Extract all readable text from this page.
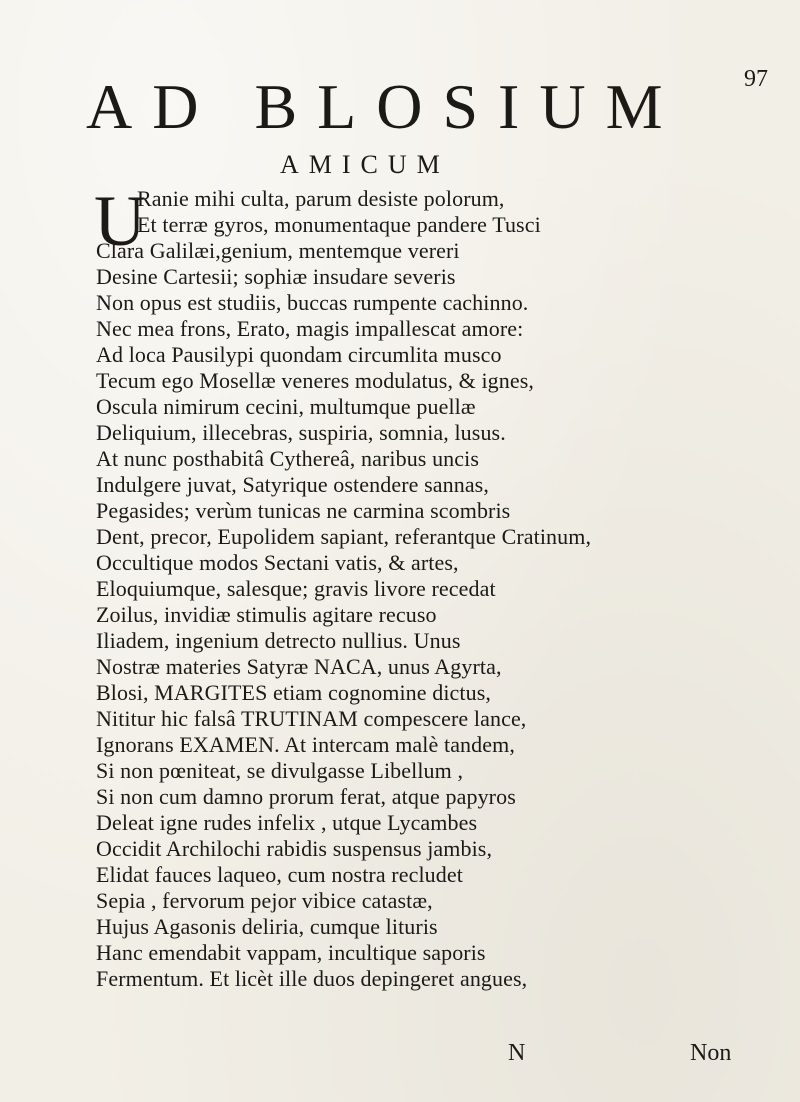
97
AD BLOSIUM
AMICUM
U
Ranie mihi culta, parum desiste polorum,
Et terræ gyros, monumentaque pandere Tusci
Clara Galilæi,genium, mentemque vereri
Desine Cartesii; sophiæ insudare severis
Non opus est studiis, buccas rumpente cachinno.
Nec mea frons, Erato, magis impallescat amore:
Ad loca Pausilypi quondam circumlita musco
Tecum ego Mosellæ veneres modulatus, & ignes,
Oscula nimirum cecini, multumque puellæ
Deliquium, illecebras, suspiria, somnia, lusus.
At nunc posthabitâ Cythereâ, naribus uncis
Indulgere juvat, Satyrique ostendere sannas,
Pegasides; verùm tunicas ne carmina scombris
Dent, precor, Eupolidem sapiant, referantque Cratinum,
Occultique modos Sectani vatis, & artes,
Eloquiumque, salesque; gravis livore recedat
Zoilus, invidiæ stimulis agitare recuso
Iliadem, ingenium detrecto nullius. Unus
Nostræ materies Satyræ NACA, unus Agyrta,
Blosi, MARGITES etiam cognomine dictus,
Nititur hic falsâ TRUTINAM compescere lance,
Ignorans EXAMEN. At intercam malè tandem,
Si non pœniteat, se divulgasse Libellum ,
Si non cum damno prorum ferat, atque papyros
Deleat igne rudes infelix , utque Lycambes
Occidit Archilochi rabidis suspensus jambis,
Elidat fauces laqueo, cum nostra recludet
Sepia , fervorum pejor vibice catastæ,
Hujus Agasonis deliria, cumque lituris
Hanc emendabit vappam, incultique saporis
Fermentum. Et licèt ille duos depingeret angues,
N	Non
